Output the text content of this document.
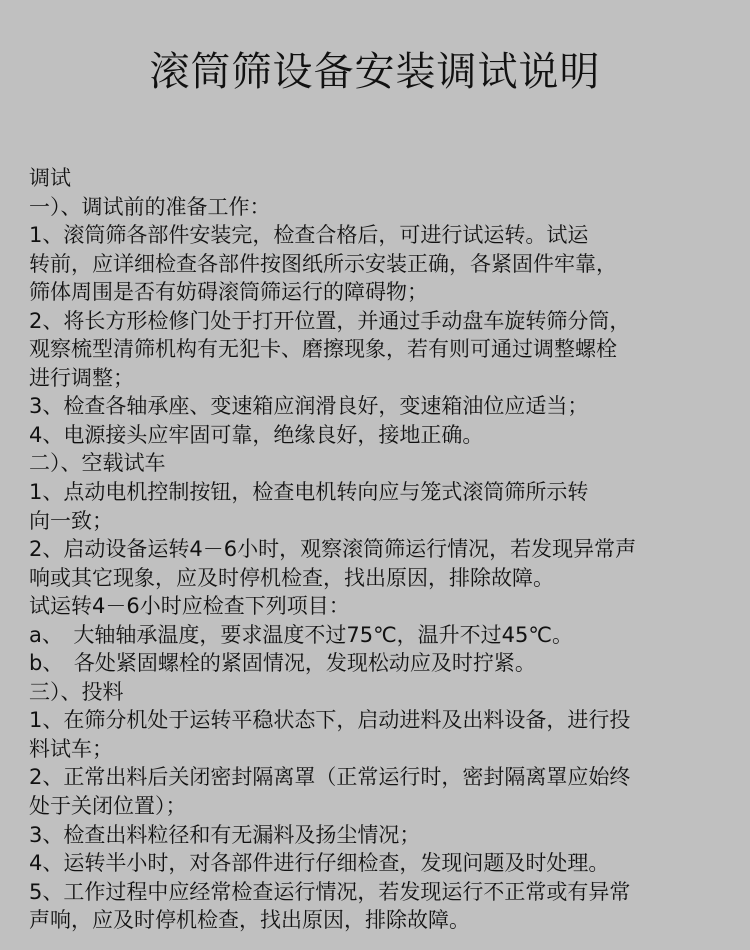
滚筒筛设备安装调试说明
调试
一）、调试前的准备工作：
1、滚筒筛各部件安装完，检查合格后，可进行试运转。试运
转前，应详细检查各部件按图纸所示安装正确，各紧固件牢靠，
筛体周围是否有妨碍滚筒筛运行的障碍物；
2、将长方形检修门处于打开位置，并通过手动盘车旋转筛分筒，
观察梳型清筛机构有无犯卡、磨擦现象，若有则可通过调整螺栓
进行调整；
3、检查各轴承座、变速箱应润滑良好，变速箱油位应适当；
4、电源接头应牢固可靠，绝缘良好，接地正确。
二）、空载试车
1、点动电机控制按钮，检查电机转向应与笼式滚筒筛所示转
向一致；
2、启动设备运转4－6小时，观察滚筒筛运行情况，若发现异常声
响或其它现象，应及时停机检查，找出原因，排除故障。
试运转4－6小时应检查下列项目：
a、　大轴轴承温度，要求温度不过75℃，温升不过45℃。
b、　各处紧固螺栓的紧固情况，发现松动应及时拧紧。
三）、投料
1、在筛分机处于运转平稳状态下，启动进料及出料设备，进行投
料试车；
2、正常出料后关闭密封隔离罩（正常运行时，密封隔离罩应始终
处于关闭位置）；
3、检查出料粒径和有无漏料及扬尘情况；
4、运转半小时，对各部件进行仔细检查，发现问题及时处理。
5、工作过程中应经常检查运行情况，若发现运行不正常或有异常
声响，应及时停机检查，找出原因，排除故障。
